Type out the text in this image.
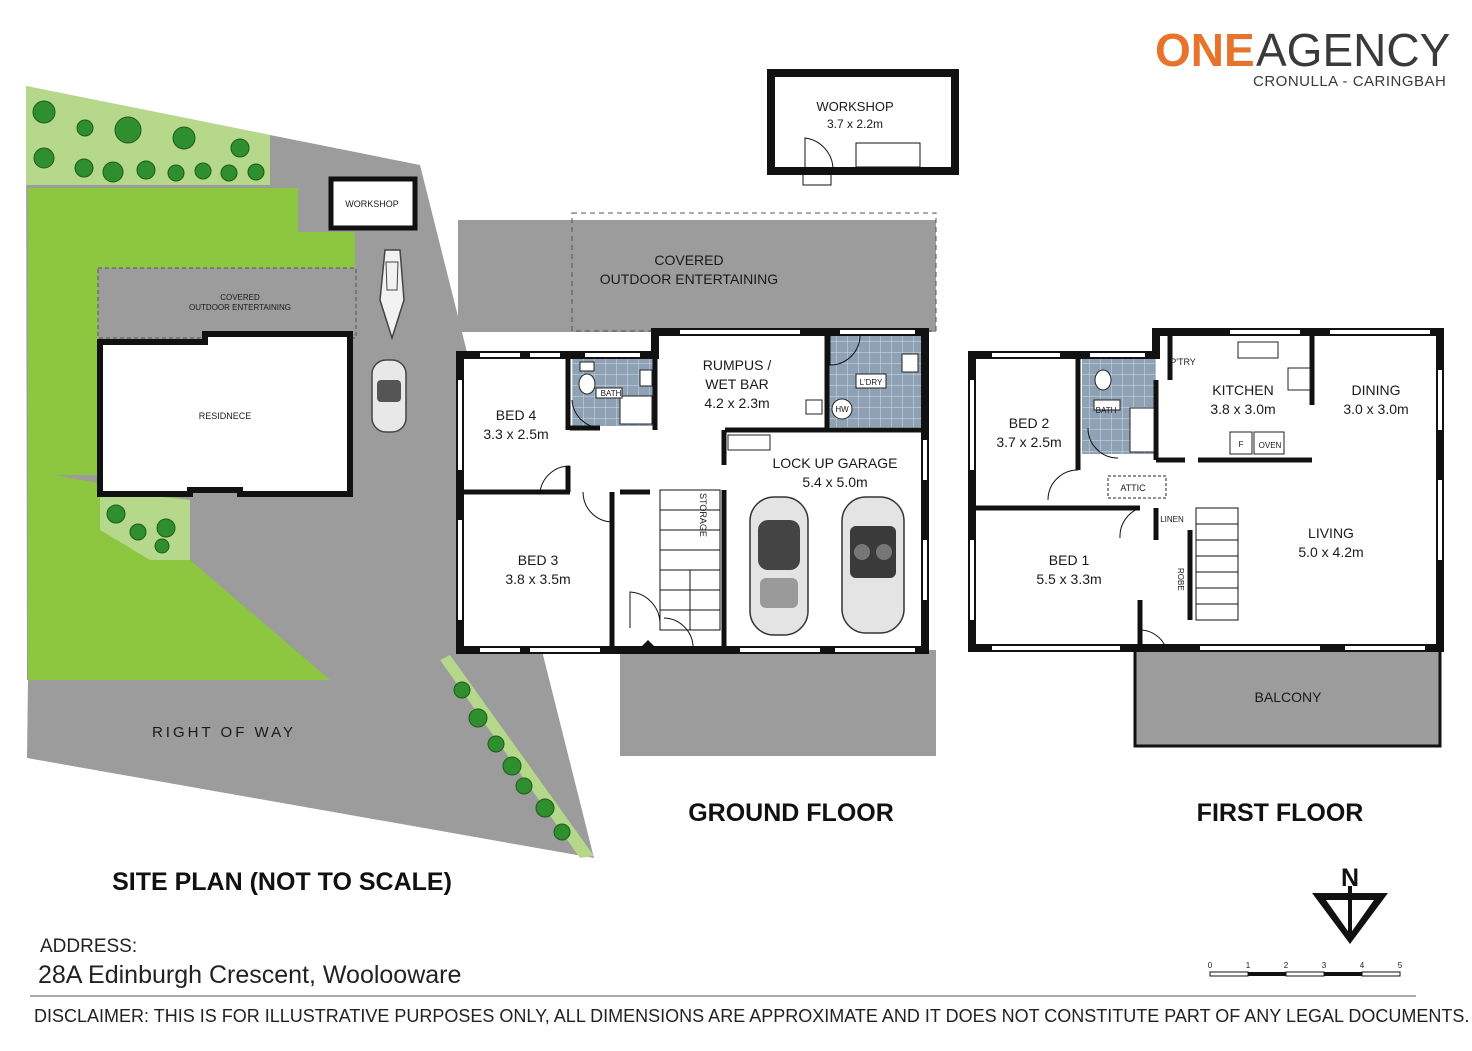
ONE AGENCY
CRONULLA - CARINGBAH
WORKSHOP
COVERED
OUTDOOR ENTERTAINING
RESIDNECE
RIGHT OF WAY
SITE PLAN (NOT TO SCALE)
WORKSHOP
3.7 x 2.2m
COVERED
OUTDOOR ENTERTAINING
BED 4
3.3 x 2.5m
BATH
RUMPUS /
WET BAR
4.2 x 2.3m
L'DRY
HW
LOCK UP GARAGE
5.4 x 5.0m
BED 3
3.8 x 3.5m
STORAGE
GROUND FLOOR
P'TRY
KITCHEN
3.8 x 3.0m
DINING
3.0 x 3.0m
F OVEN
BED 2
3.7 x 2.5m
BATH
ATTIC
LINEN
ROBE
BED 1
5.5 x 3.3m
LIVING
5.0 x 4.2m
BALCONY
FIRST FLOOR
N
0	1	2	3	4	5
ADDRESS:
28A Edinburgh Crescent, Woolooware
DISCLAIMER: THIS IS FOR ILLUSTRATIVE PURPOSES ONLY, ALL DIMENSIONS ARE APPROXIMATE AND IT DOES NOT CONSTITUTE PART OF ANY LEGAL DOCUMENTS.
